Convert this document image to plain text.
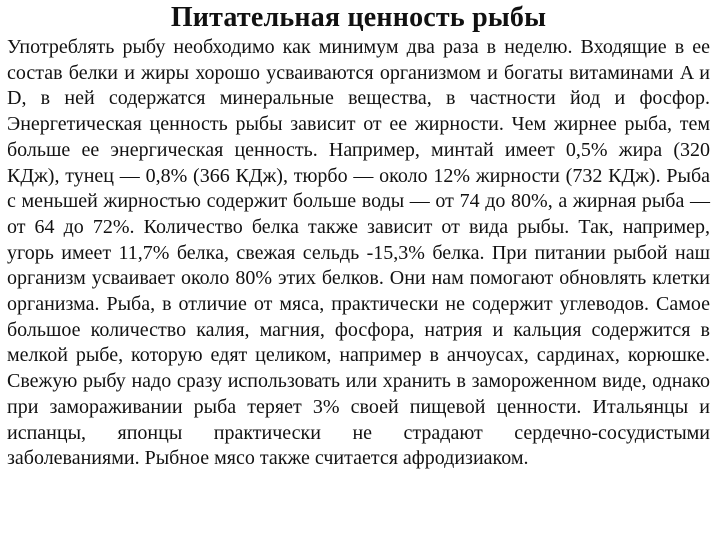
Питательная ценность рыбы

Употреблять рыбу необходимо как минимум два раза в неделю. Входящие в ее состав белки и жиры хорошо усваиваются организмом и богаты витаминами A и D, в ней содержатся минеральные вещества, в частности йод и фосфор. Энергетическая ценность рыбы зависит от ее жирности. Чем жирнее рыба, тем больше ее энергическая ценность. Например, минтай имеет 0,5% жира (320 КДж), тунец — 0,8% (366 КДж), тюрбо — около 12% жирности (732 КДж). Рыба с меньшей жирностью содержит больше воды — от 74 до 80%, а жирная рыба — от 64 до 72%. Количество белка также зависит от вида рыбы. Так, например, угорь имеет 11,7% белка, свежая сельдь -15,3% белка. При питании рыбой наш организм усваивает около 80% этих белков. Они нам помогают обновлять клетки организма. Рыба, в отличие от мяса, практически не содержит углеводов. Самое большое количество калия, магния, фосфора, натрия и кальция содержится в мелкой рыбе, которую едят целиком, например в анчоусах, сардинах, корюшке. Свежую рыбу надо сразу использовать или хранить в замороженном виде, однако при замораживании рыба теряет 3% своей пищевой ценности. Итальянцы и испанцы, японцы практически не страдают сердечно-сосудистыми заболеваниями. Рыбное мясо также считается афродизиаком.
